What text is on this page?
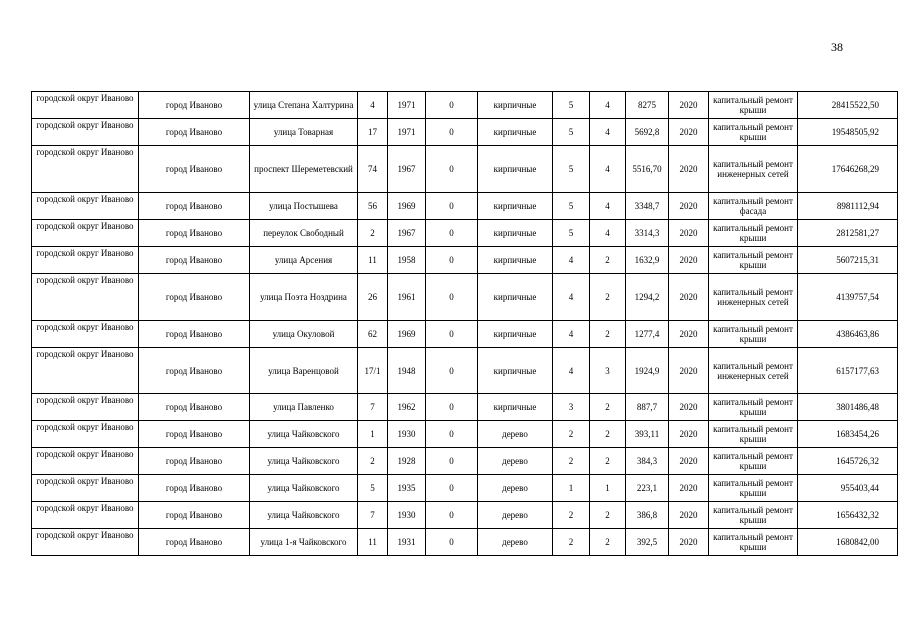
38
городской округ Иваново	город Иваново	улица Степана Халтурина	4	1971	0	кирпичные	5	4	8275	2020	капитальный ремонт крыши	28415522,50
городской округ Иваново	город Иваново	улица Товарная	17	1971	0	кирпичные	5	4	5692,8	2020	капитальный ремонт крыши	19548505,92
городской округ Иваново	город Иваново	проспект Шереметевский	74	1967	0	кирпичные	5	4	5516,70	2020	капитальный ремонт инженерных сетей	17646268,29
городской округ Иваново	город Иваново	улица Постышева	56	1969	0	кирпичные	5	4	3348,7	2020	капитальный ремонт фасада	8981112,94
городской округ Иваново	город Иваново	переулок Свободный	2	1967	0	кирпичные	5	4	3314,3	2020	капитальный ремонт крыши	2812581,27
городской округ Иваново	город Иваново	улица Арсения	11	1958	0	кирпичные	4	2	1632,9	2020	капитальный ремонт крыши	5607215,31
городской округ Иваново	город Иваново	улица Поэта Ноздрина	26	1961	0	кирпичные	4	2	1294,2	2020	капитальный ремонт инженерных сетей	4139757,54
городской округ Иваново	город Иваново	улица Окуловой	62	1969	0	кирпичные	4	2	1277,4	2020	капитальный ремонт крыши	4386463,86
городской округ Иваново	город Иваново	улица Варенцовой	17/1	1948	0	кирпичные	4	3	1924,9	2020	капитальный ремонт инженерных сетей	6157177,63
городской округ Иваново	город Иваново	улица Павленко	7	1962	0	кирпичные	3	2	887,7	2020	капитальный ремонт крыши	3801486,48
городской округ Иваново	город Иваново	улица Чайковского	1	1930	0	дерево	2	2	393,11	2020	капитальный ремонт крыши	1683454,26
городской округ Иваново	город Иваново	улица Чайковского	2	1928	0	дерево	2	2	384,3	2020	капитальный ремонт крыши	1645726,32
городской округ Иваново	город Иваново	улица Чайковского	5	1935	0	дерево	1	1	223,1	2020	капитальный ремонт крыши	955403,44
городской округ Иваново	город Иваново	улица Чайковского	7	1930	0	дерево	2	2	386,8	2020	капитальный ремонт крыши	1656432,32
городской округ Иваново	город Иваново	улица 1-я Чайковского	11	1931	0	дерево	2	2	392,5	2020	капитальный ремонт крыши	1680842,00
